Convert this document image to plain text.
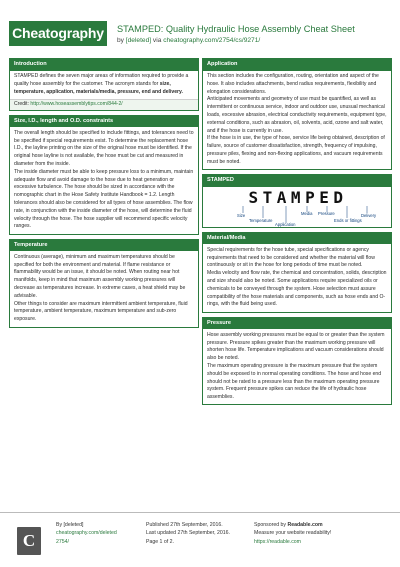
Cheatography	STAMPED: Quality Hydraulic Hose Assembly Cheat Sheet
by [deleted] via cheatography.com/2754/cs/9271/
Introduction

STAMPED defines the seven major areas of information required to provide a quality hose assembly for the customer. The acronym stands for size, temperature, application, materials/media, pressure, end and delivery.

Credit: http://www.hoseassemblytips.com/844-2/
Size, I.D., length and O.D. constraints

The overall length should be specified to include fittings, and tolerances need to be specified if special requirements exist. To determine the replacement hose I.D., the layline printing on the size of the original hose must be identified. If the original hose layline is not available, the hose must be cut and measured in diameter from the inside.

The inside diameter must be able to keep pressure loss to a minimum, maintain adequate flow and avoid damage to the hose due to heat generation or excessive turbulence. The hose should be sized in accordance with the nomographic chart in the Hose Safety Institute Handbook = 1.2. Length tolerances should also be considered for all types of hose assemblies. The flow rate, in conjunction with the inside diameter of the hose, will determine the fluid velocity through the hose. The hose supplier will recommend specific velocity ranges.

Temperature

Continuous (average), minimum and maximum temperatures should be specified for both the environment and material. If flame resistance or flammability would be an issue, it should be noted. When routing near hot manifolds, keep in mind that maximum assembly working pressures will decrease as temperatures increase. In extreme cases, a heat shield may be advisable.

Other things to consider are maximum intermittent ambient temperature, fluid temperature, ambient temperature, maximum temperature and sub-zero exposure.

Application

This section includes the configuration, routing, orientation and aspect of the hose. It also includes attachments, bend radius requirements, flexibility and elongation considerations.

Anticipated movements and geometry of use must be quantified, as well as intermittent or continuous service, indoor and outdoor use, unusual mechanical loads, excessive abrasion, electrical conductivity requirements, equipment type, external conditions, such as abrasion, oil, solvents, acid, ozone and salt water, and if the hose is currently in use.

If the hose is in use, the type of hose, service life being obtained, description of failure, source of customer dissatisfaction, strength, frequency of impulsing, pressure piles, flexing and non-flexing applications, and vacuum requirements must be noted.

STAMPED
STAMPED
Size
Temperature
Application
Media Pressure
Ends or fittings
Delivery
Material/Media

Special requirements for the hose tube, special specifications or agency requirements that need to be considered and whether the material will flow continuously or sit in the hose for long periods of time must be noted.

Media velocity and flow rate, the chemical and concentration, solids, description and size should also be noted. Some applications require specialized oils or chemicals to be conveyed through the system. Hose selection must assure compatibility of the hose materials and components, such as hose ends and O-rings, with the fluid being used.

Pressure

Hose assembly working pressures must be equal to or greater than the system pressure. Pressure spikes greater than the maximum working pressure will shorten hose life. Temperature implications and vacuum considerations should also be noted.

The maximum operating pressure is the maximum pressure that the system should be exposed to in normal operating conditions. The hose and hose end should not be rated to a pressure less than the maximum operating pressure system. Frequent pressure spikes can reduce the life of hydraulic hose assemblies.

C
By [deleted]
cheatography.com/deleted
2754/
Published 27th September, 2016.
Last updated 27th September, 2016.
Page 1 of 2.
Sponsored by Readable.com
Measure your website readability!
https://readable.com
